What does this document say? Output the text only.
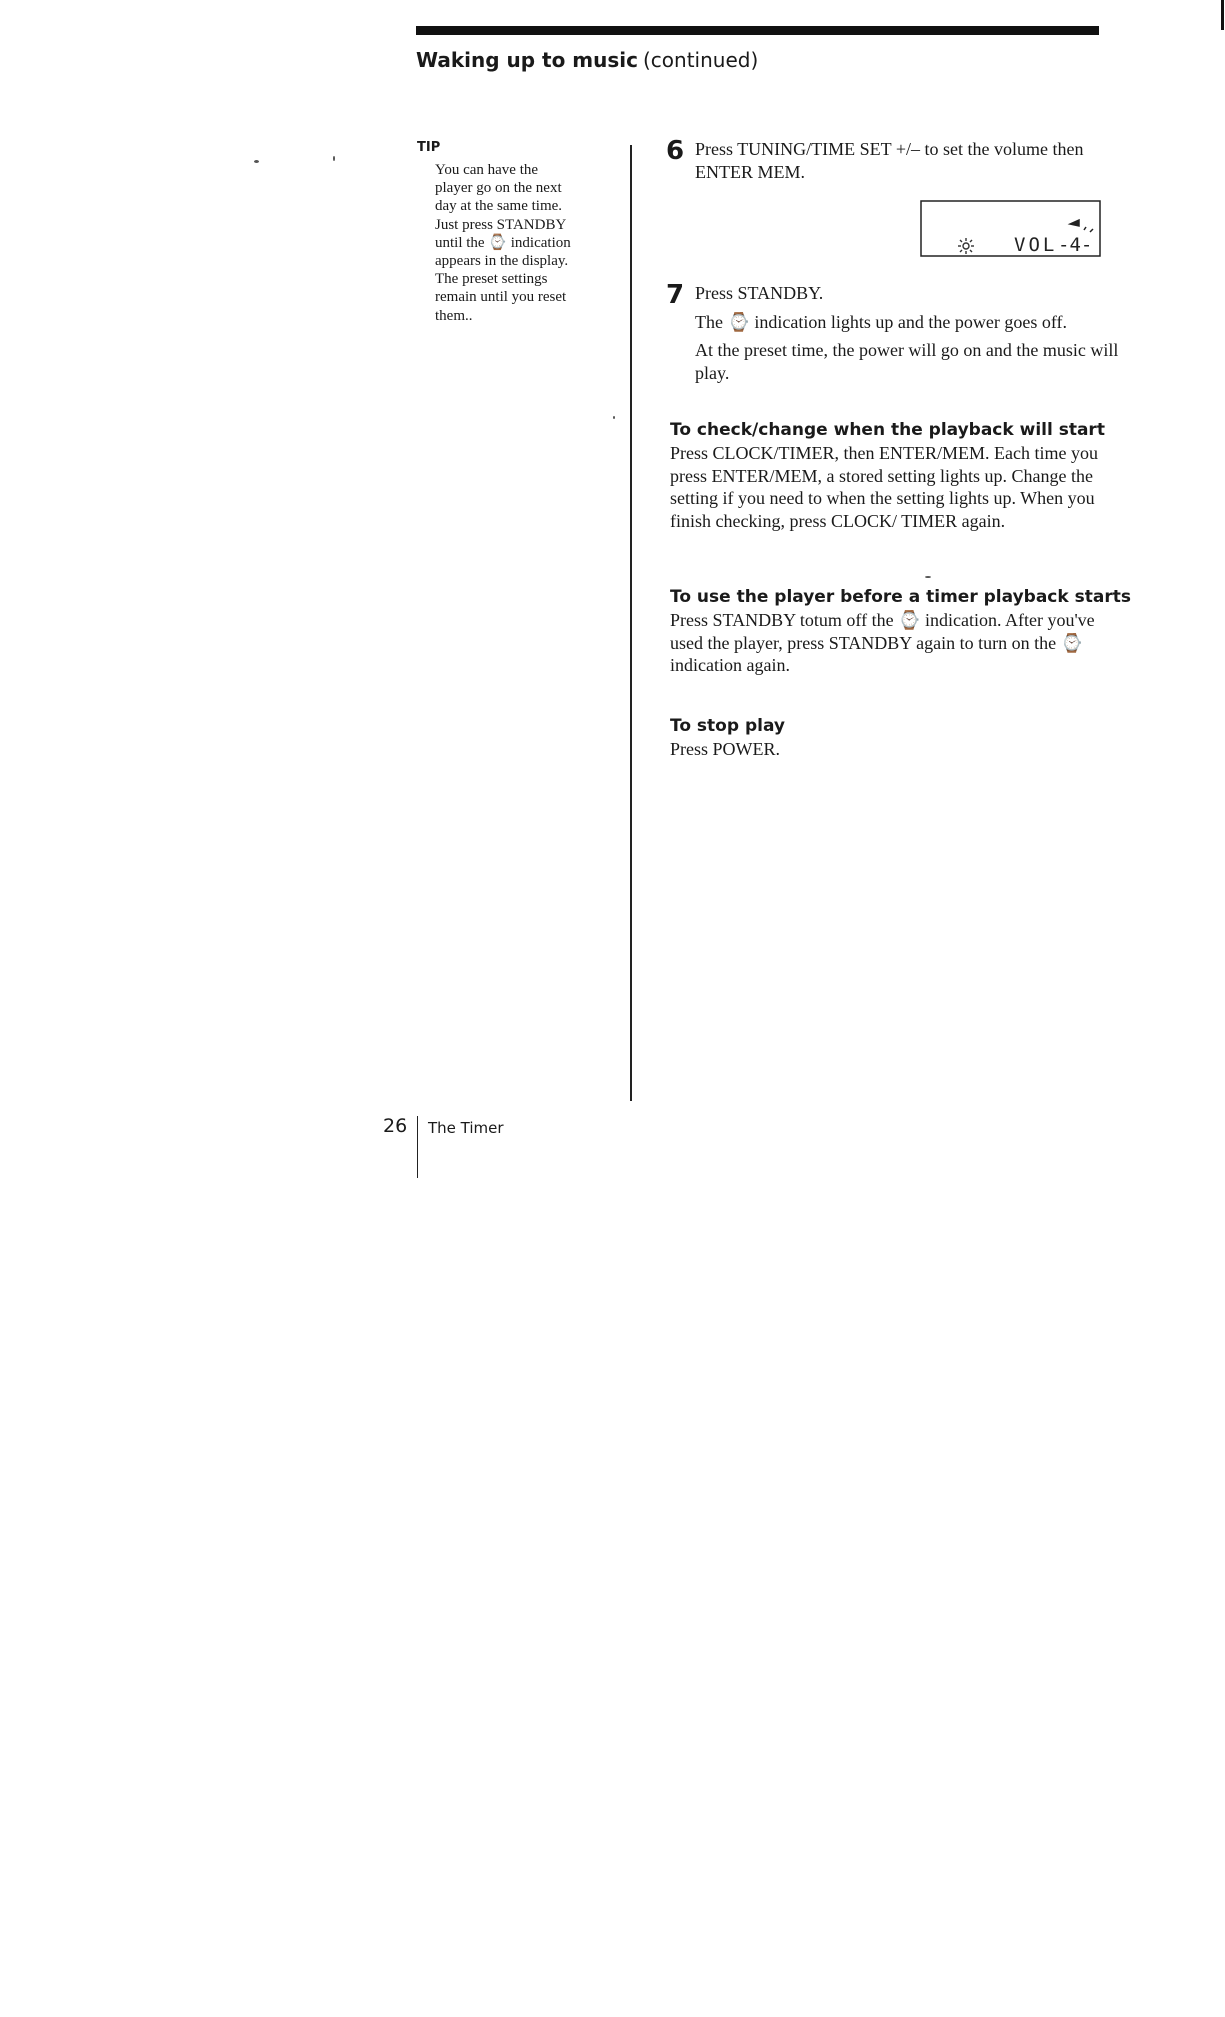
Waking up to music (continued)
TIP
You can have the
player go on the next
day at the same time.
Just press STANDBY
until the ⌚ indication
appears in the display.
The preset settings
remain until you reset
them..
6 Press TUNING/TIME SET +/– to set the volume then ENTER MEM.

VOL -4-
7 Press STANDBY.

The ⌚ indication lights up and the power goes off.

At the preset time, the power will go on and the music will play.

To check/change when the playback will start

Press CLOCK/TIMER, then ENTER/MEM. Each time you press ENTER/MEM, a stored setting lights up. Change the setting if you need to when the setting lights up. When you finish checking, press CLOCK/ TIMER again.

To use the player before a timer playback starts

Press STANDBY totum off the ⌚ indication. After you've used the player, press STANDBY again to turn on the ⌚ indication again.

To stop play

Press POWER.

26 The Timer
